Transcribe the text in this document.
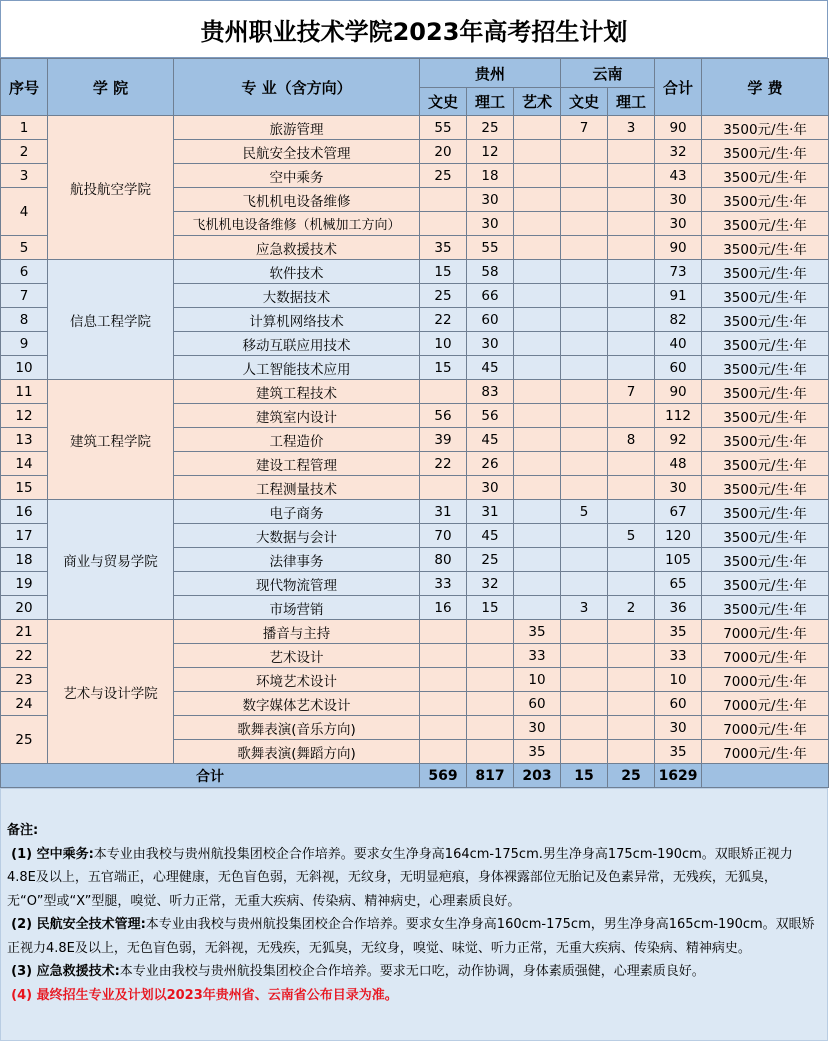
贵州职业技术学院2023年高考招生计划
序号	学 院	专 业（含方向）	贵州			云南		合计	学 费
			文史	理工	艺术	文史	理工		
1	航投航空学院	旅游管理	55	25		7	3	90	3500元/生·年
2		民航安全技术管理	20	12				32	3500元/生·年
3		空中乘务	25	18				43	3500元/生·年
4		飞机机电设备维修		30				30	3500元/生·年
		飞机机电设备维修（机械加工方向）		30				30	3500元/生·年
5		应急救援技术	35	55				90	3500元/生·年
6	信息工程学院	软件技术	15	58				73	3500元/生·年
7		大数据技术	25	66				91	3500元/生·年
8		计算机网络技术	22	60				82	3500元/生·年
9		移动互联应用技术	10	30				40	3500元/生·年
10		人工智能技术应用	15	45				60	3500元/生·年
11	建筑工程学院	建筑工程技术		83			7	90	3500元/生·年
12		建筑室内设计	56	56				112	3500元/生·年
13		工程造价	39	45			8	92	3500元/生·年
14		建设工程管理	22	26				48	3500元/生·年
15		工程测量技术		30				30	3500元/生·年
16	商业与贸易学院	电子商务	31	31		5		67	3500元/生·年
17		大数据与会计	70	45			5	120	3500元/生·年
18		法律事务	80	25				105	3500元/生·年
19		现代物流管理	33	32				65	3500元/生·年
20		市场营销	16	15		3	2	36	3500元/生·年
21	艺术与设计学院	播音与主持			35			35	7000元/生·年
22		艺术设计			33			33	7000元/生·年
23		环境艺术设计			10			10	7000元/生·年
24		数字媒体艺术设计			60			60	7000元/生·年
25		歌舞表演(音乐方向)			30			30	7000元/生·年
		歌舞表演(舞蹈方向)			35			35	7000元/生·年
合计			569	817	203	15	25	1629	

备注:

(1) 空中乘务:本专业由我校与贵州航投集团校企合作培养。要求女生净身高164cm-175cm.男生净身高175cm-190cm。双眼矫正视力4.8E及以上，五官端正，心理健康，无色盲色弱，无斜视，无纹身，无明显疤痕，身体裸露部位无胎记及色素异常，无残疾，无狐臭，无“O”型或“X”型腿，嗅觉、听力正常，无重大疾病、传染病、精神病史，心理素质良好。

(2) 民航安全技术管理:本专业由我校与贵州航投集团校企合作培养。要求女生净身高160cm-175cm，男生净身高165cm-190cm。双眼矫正视力4.8E及以上，无色盲色弱，无斜视，无残疾，无狐臭，无纹身，嗅觉、味觉、听力正常，无重大疾病、传染病、精神病史。

(3) 应急救援技术:本专业由我校与贵州航投集团校企合作培养。要求无口吃，动作协调，身体素质强健，心理素质良好。

(4) 最终招生专业及计划以2023年贵州省、云南省公布目录为准。
